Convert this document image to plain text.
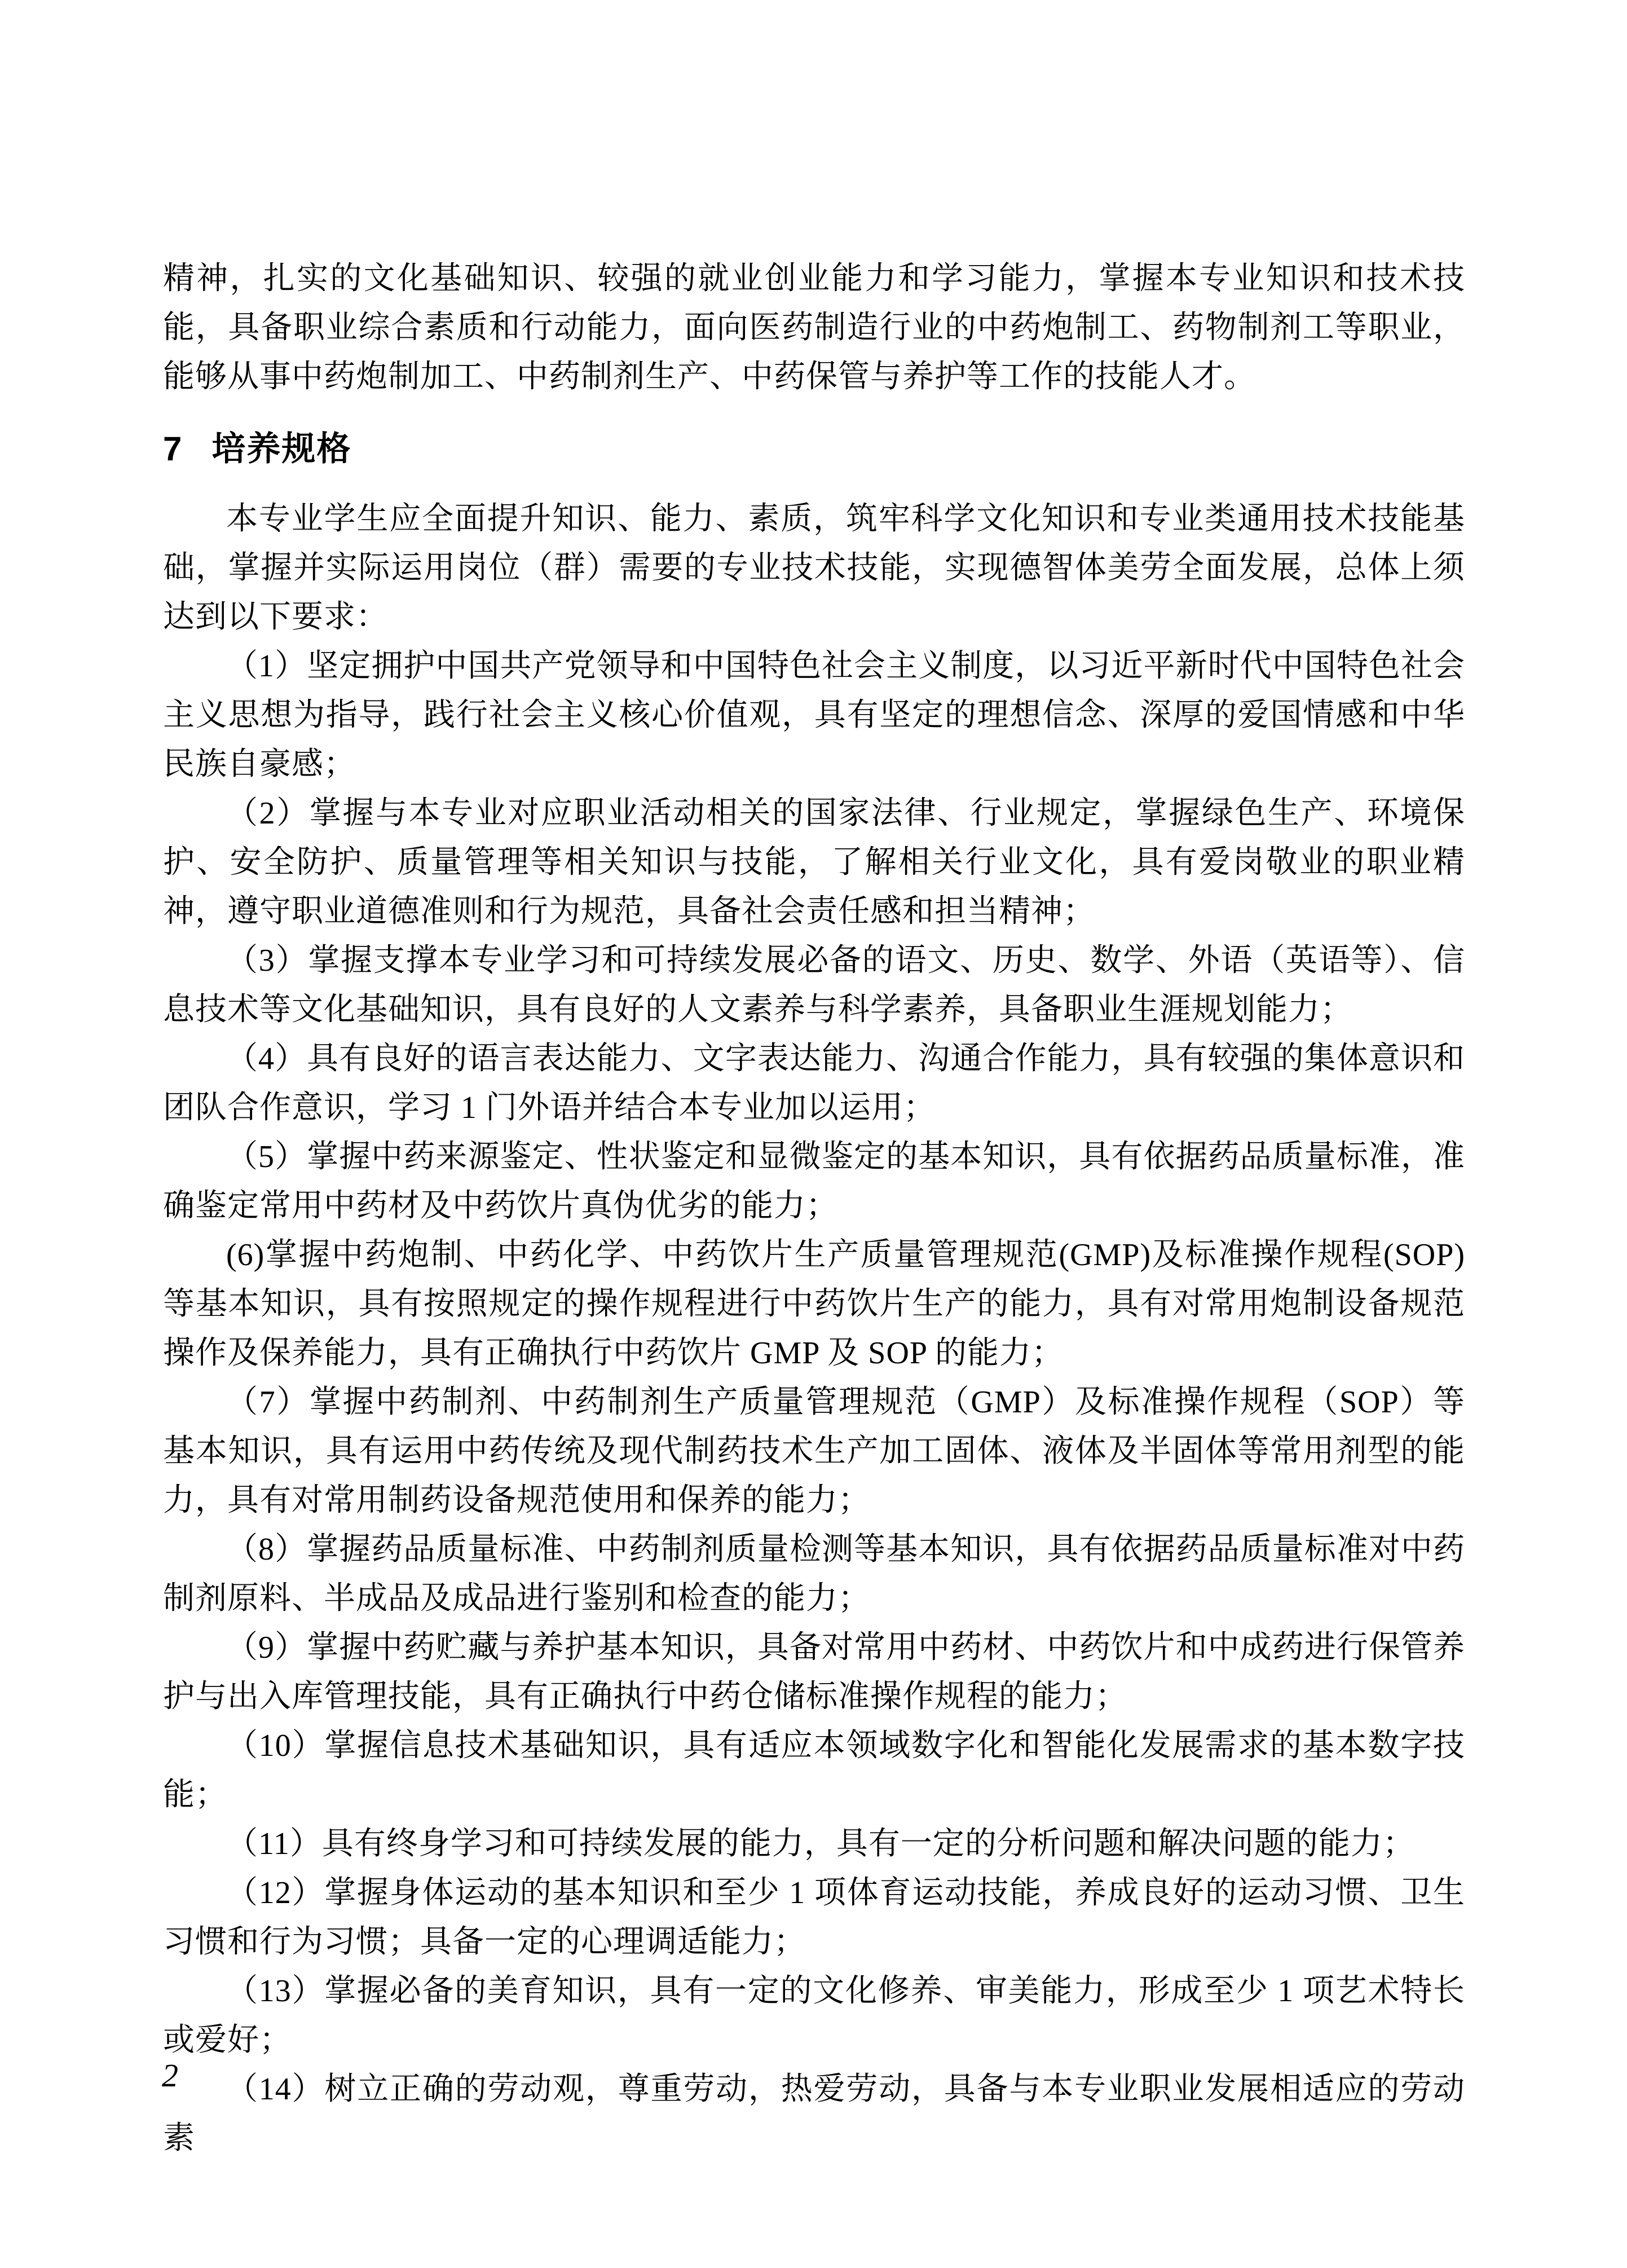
精神，扎实的文化基础知识、较强的就业创业能力和学习能力，掌握本专业知识和技术技能，具备职业综合素质和行动能力，面向医药制造行业的中药炮制工、药物制剂工等职业，能够从事中药炮制加工、中药制剂生产、中药保管与养护等工作的技能人才。

7 培养规格

本专业学生应全面提升知识、能力、素质，筑牢科学文化知识和专业类通用技术技能基础，掌握并实际运用岗位（群）需要的专业技术技能，实现德智体美劳全面发展，总体上须达到以下要求：

（1）坚定拥护中国共产党领导和中国特色社会主义制度，以习近平新时代中国特色社会主义思想为指导，践行社会主义核心价值观，具有坚定的理想信念、深厚的爱国情感和中华民族自豪感；

（2）掌握与本专业对应职业活动相关的国家法律、行业规定，掌握绿色生产、环境保护、安全防护、质量管理等相关知识与技能，了解相关行业文化，具有爱岗敬业的职业精神，遵守职业道德准则和行为规范，具备社会责任感和担当精神；

（3）掌握支撑本专业学习和可持续发展必备的语文、历史、数学、外语（英语等）、信息技术等文化基础知识，具有良好的人文素养与科学素养，具备职业生涯规划能力；

（4）具有良好的语言表达能力、文字表达能力、沟通合作能力，具有较强的集体意识和团队合作意识，学习 1 门外语并结合本专业加以运用；

（5）掌握中药来源鉴定、性状鉴定和显微鉴定的基本知识，具有依据药品质量标准，准确鉴定常用中药材及中药饮片真伪优劣的能力；

(6)掌握中药炮制、中药化学、中药饮片生产质量管理规范(GMP)及标准操作规程(SOP)等基本知识，具有按照规定的操作规程进行中药饮片生产的能力，具有对常用炮制设备规范操作及保养能力，具有正确执行中药饮片 GMP 及 SOP 的能力；

（7）掌握中药制剂、中药制剂生产质量管理规范（GMP）及标准操作规程（SOP）等基本知识，具有运用中药传统及现代制药技术生产加工固体、液体及半固体等常用剂型的能力，具有对常用制药设备规范使用和保养的能力；

（8）掌握药品质量标准、中药制剂质量检测等基本知识，具有依据药品质量标准对中药制剂原料、半成品及成品进行鉴别和检查的能力；

（9）掌握中药贮藏与养护基本知识，具备对常用中药材、中药饮片和中成药进行保管养护与出入库管理技能，具有正确执行中药仓储标准操作规程的能力；

（10）掌握信息技术基础知识，具有适应本领域数字化和智能化发展需求的基本数字技能；

（11）具有终身学习和可持续发展的能力，具有一定的分析问题和解决问题的能力；

（12）掌握身体运动的基本知识和至少 1 项体育运动技能，养成良好的运动习惯、卫生习惯和行为习惯；具备一定的心理调适能力；

（13）掌握必备的美育知识，具有一定的文化修养、审美能力，形成至少 1 项艺术特长或爱好；

（14）树立正确的劳动观，尊重劳动，热爱劳动，具备与本专业职业发展相适应的劳动素

2
